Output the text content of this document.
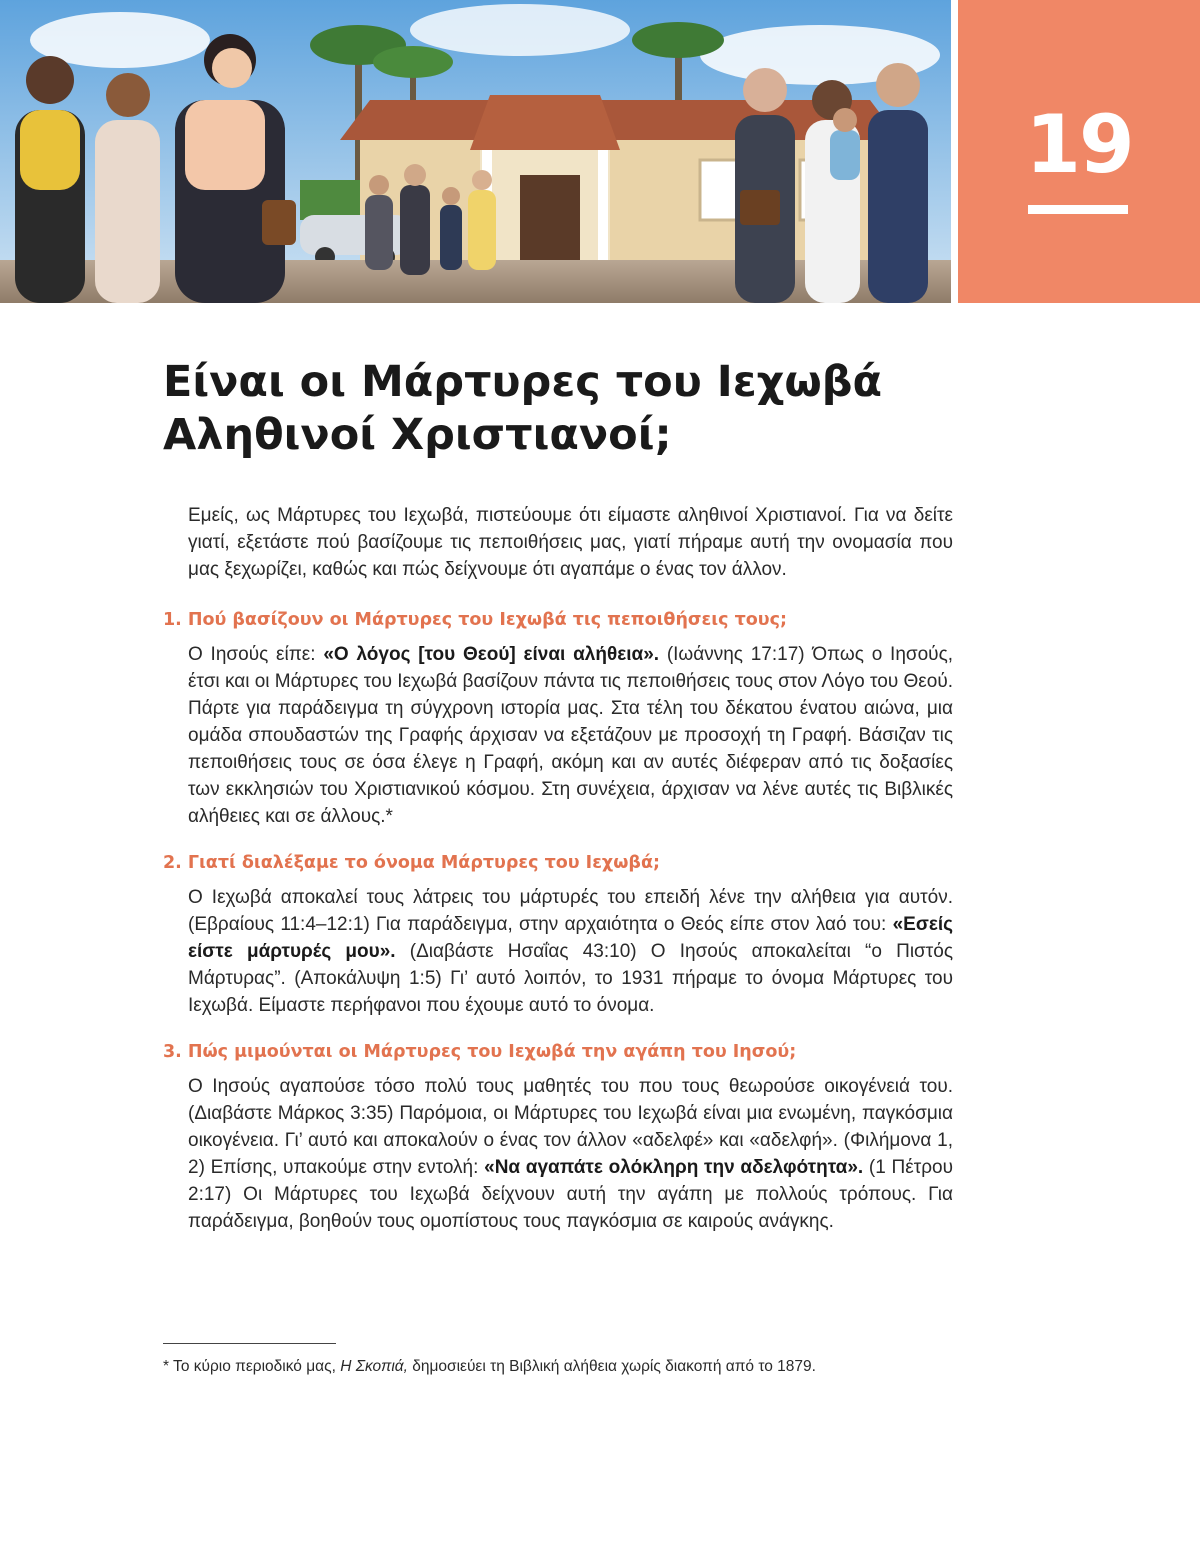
19
Είναι οι Μάρτυρες του Ιεχωβά
Αληθινοί Χριστιανοί;

Εμείς, ως Μάρτυρες του Ιεχωβά, πιστεύουμε ότι είμαστε αληθινοί Χριστιανοί. Για να δείτε γιατί, εξετάστε πού βασίζουμε τις πεποιθήσεις μας, γιατί πήραμε αυτή την ονομασία που μας ξεχωρίζει, καθώς και πώς δείχνουμε ότι αγαπάμε ο ένας τον άλλον.

1. Πού βασίζουν οι Μάρτυρες του Ιεχωβά τις πεποιθήσεις τους;

Ο Ιησούς είπε: «Ο λόγος [του Θεού] είναι αλήθεια». (Ιωάννης 17:17) Όπως ο Ιησούς, έτσι και οι Μάρτυρες του Ιεχωβά βασίζουν πάντα τις πεποιθήσεις τους στον Λόγο του Θεού. Πάρτε για παράδειγμα τη σύγχρονη ιστορία μας. Στα τέλη του δέκατου ένατου αιώνα, μια ομάδα σπουδαστών της Γραφής άρχισαν να εξετάζουν με προσοχή τη Γραφή. Βάσιζαν τις πεποιθήσεις τους σε όσα έλεγε η Γραφή, ακόμη και αν αυτές διέφεραν από τις δοξασίες των εκκλησιών του Χριστιανικού κόσμου. Στη συνέχεια, άρχισαν να λένε αυτές τις Βιβλικές αλήθειες και σε άλλους.*

2. Γιατί διαλέξαμε το όνομα Μάρτυρες του Ιεχωβά;

Ο Ιεχωβά αποκαλεί τους λάτρεις του μάρτυρές του επειδή λένε την αλήθεια για αυτόν. (Εβραίους 11:4–12:1) Για παράδειγμα, στην αρχαιότητα ο Θεός είπε στον λαό του: «Εσείς είστε μάρτυρές μου». (Διαβάστε Ησαΐας 43:10) Ο Ιησούς αποκαλείται “ο Πιστός Μάρτυρας”. (Αποκάλυψη 1:5) Γι’ αυτό λοιπόν, το 1931 πήραμε το όνομα Μάρτυρες του Ιεχωβά. Είμαστε περήφανοι που έχουμε αυτό το όνομα.

3. Πώς μιμούνται οι Μάρτυρες του Ιεχωβά την αγάπη του Ιησού;

Ο Ιησούς αγαπούσε τόσο πολύ τους μαθητές του που τους θεωρούσε οικογένειά του. (Διαβάστε Μάρκος 3:35) Παρόμοια, οι Μάρτυρες του Ιεχωβά είναι μια ενωμένη, παγκόσμια οικογένεια. Γι’ αυτό και αποκαλούν ο ένας τον άλλον «αδελφέ» και «αδελφή». (Φιλήμονα 1, 2) Επίσης, υπακούμε στην εντολή: «Να αγαπάτε ολόκληρη την αδελφότητα». (1 Πέτρου 2:17) Οι Μάρτυρες του Ιεχωβά δείχνουν αυτή την αγάπη με πολλούς τρόπους. Για παράδειγμα, βοηθούν τους ομοπίστους τους παγκόσμια σε καιρούς ανάγκης.

* Το κύριο περιοδικό μας, Η Σκοπιά, δημοσιεύει τη Βιβλική αλήθεια χωρίς διακοπή από το 1879.
